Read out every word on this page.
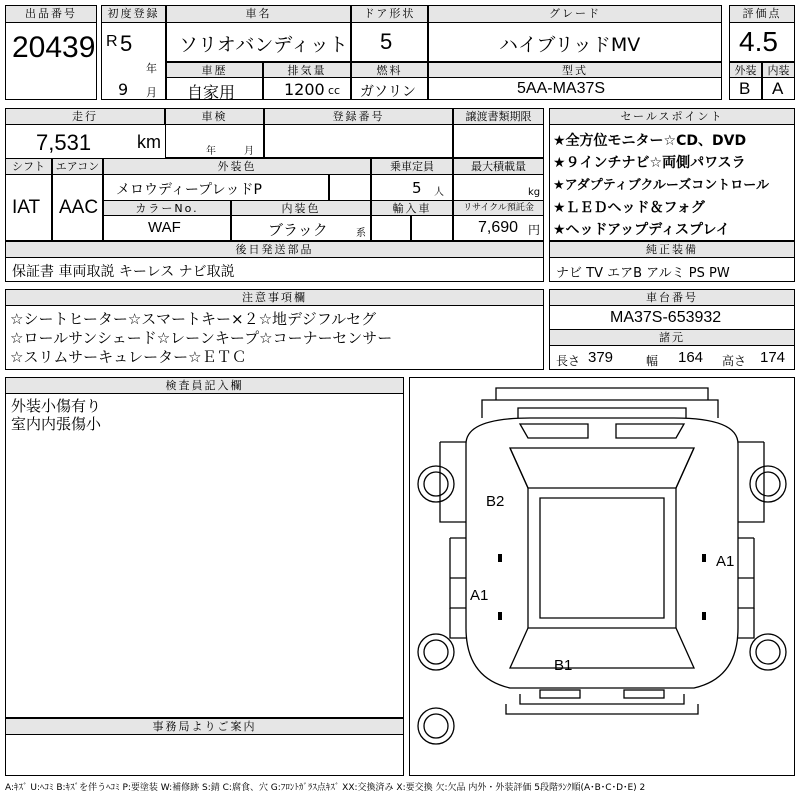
出品番号
20439
初度登録
R 5
年
9 月
車名
ソリオバンディット
ドア形状
5
グレード
ハイブリッドMV
評価点
4.5
外装	内装
B A
車歴
自家用
排気量
1200 cc
燃料
ガソリン
型式
5AA-MA37S
走行
7,531	km
車検
年	月
登録番号	譲渡書類期限
シフト エアコン
IAT AAC
外装色
メロウディープレッドP
乗車定員
5 人
最大積載量
kg
カラーNo.
WAF
内装色
ブラック	系
輸入車	リサイクル預託金
7,690 円
後日発送部品
保証書 車両取説 キーレス ナビ取説
セールスポイント
★全方位モニター☆CD、DVD
★９インチナビ☆両側パワスラ
★アダプティブクルーズコントロール
★ＬＥＤヘッド＆フォグ
★ヘッドアップディスプレイ
純正装備
ナビ TV エアB アルミ PS PW
注意事項欄
☆シートヒーター☆スマートキー×２☆地デジフルセグ
☆ロールサンシェード☆レーンキープ☆コーナーセンサー
☆スリムサーキュレーター☆ＥＴＣ
車台番号
MA37S-653932
諸元
長さ 379	幅 164 高さ 174
検査員記入欄
外装小傷有り
室内内張傷小
事務局よりご案内
B2
A1
A1
B1
A:ｷｽﾞ U:ﾍｺﾐ B:ｷｽﾞを伴うﾍｺﾐ P:要塗装 W:補修跡 S:錆 C:腐食、穴 G:ﾌﾛﾝﾄｶﾞﾗｽ点ｷｽﾞ XX:交換済み X:要交換 欠:欠品 内外・外装評価 5段階ﾗﾝｸ順(A･B･C･D･E) 2
